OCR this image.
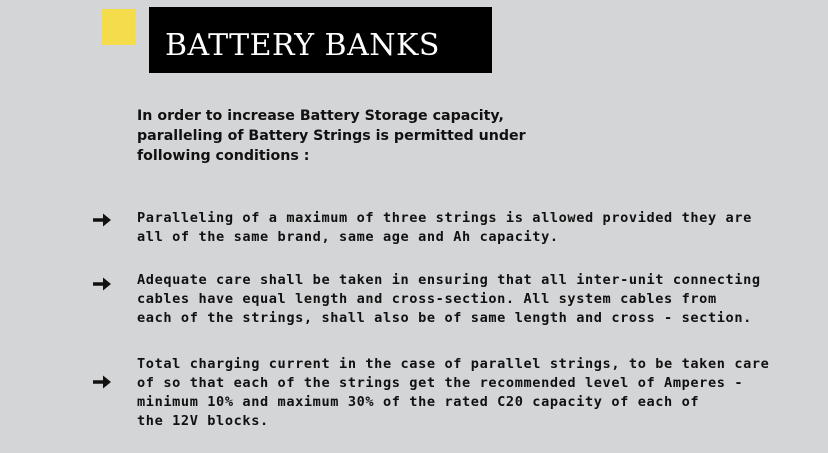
BATTERY BANKS
In order to increase Battery Storage capacity,
paralleling of Battery Strings is permitted under
following conditions :
Paralleling of a maximum of three strings is allowed provided they are
all of the same brand, same age and Ah capacity.
Adequate care shall be taken in ensuring that all inter-unit connecting
cables have equal length and cross-section. All system cables from
each of the strings, shall also be of same length and cross - section.
Total charging current in the case of parallel strings, to be taken care
of so that each of the strings get the recommended level of Amperes -
minimum 10% and maximum 30% of the rated C20 capacity of each of
the 12V blocks.
